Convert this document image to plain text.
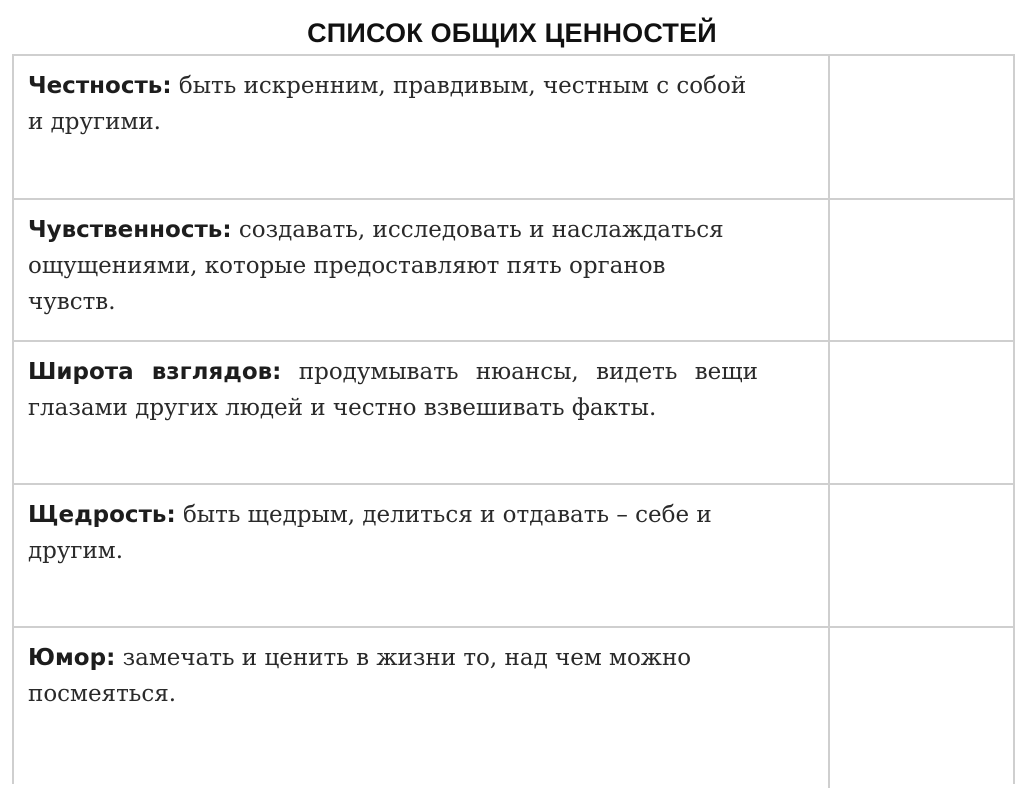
СПИСОК ОБЩИХ ЦЕННОСТЕЙ
Честность: быть искренним, правдивым, честным с собой и другими.
Чувственность: создавать, исследовать и наслаждаться ощущениями, которые предоставляют пять органов чувств.
Широта взглядов: продумывать нюансы, видеть вещи глазами других людей и честно взвешивать факты.
Щедрость: быть щедрым, делиться и отдавать – себе и другим.
Юмор: замечать и ценить в жизни то, над чем можно посмеяться.
